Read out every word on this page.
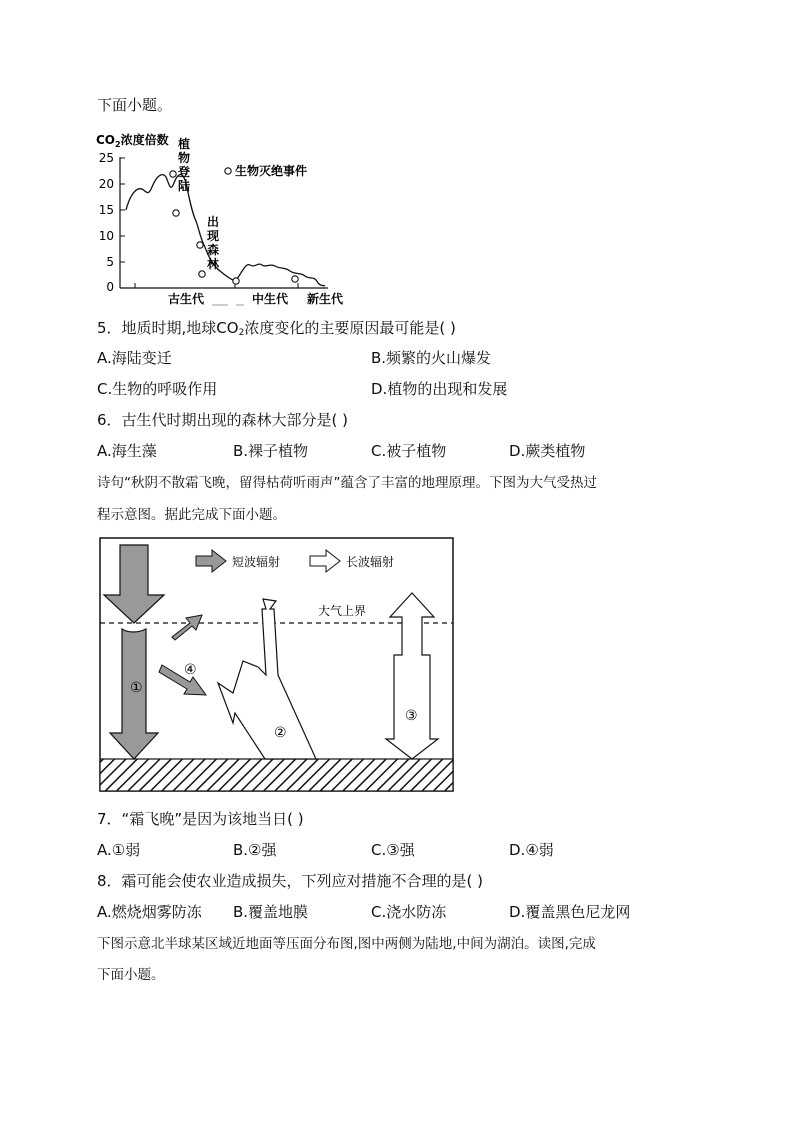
下面小题。
$CO_2$浓度倍数
25
20
15
10
5
0
古生代	中生代 新生代
植
物
登
陆
出
现
森
林
生物灭绝事件
5．地质时期,地球$CO_2$浓度变化的主要原因最可能是( )
A.海陆变迁	B.频繁的火山爆发
C.生物的呼吸作用	D.植物的出现和发展
6．古生代时期出现的森林大部分是( )
A.海生藻	B.裸子植物	C.被子植物	D.蕨类植物
诗句“秋阴不散霜飞晚，留得枯荷听雨声”蕴含了丰富的地理原理。下图为大气受热过
程示意图。据此完成下面小题。
大气上界
短波辐射	长波辐射
①
④
②
③
7．“霜飞晚”是因为该地当日( )
A.①弱	B.②强	C.③强	D.④弱
8．霜可能会使农业造成损失，下列应对措施不合理的是( )
A.燃烧烟雾防冻 B.覆盖地膜	C.浇水防冻	D.覆盖黑色尼龙网
下图示意北半球某区域近地面等压面分布图,图中两侧为陆地,中间为湖泊。读图,完成
下面小题。
